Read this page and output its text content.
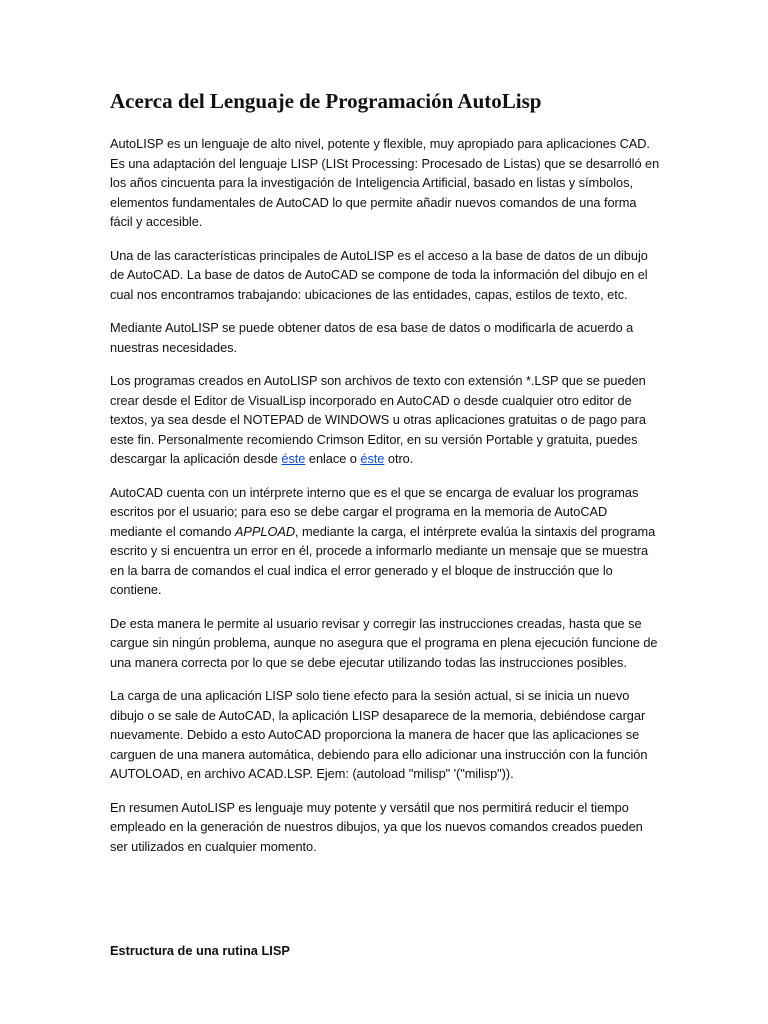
Acerca del Lenguaje de Programación AutoLisp

AutoLISP es un lenguaje de alto nivel, potente y flexible, muy apropiado para aplicaciones CAD. Es una adaptación del lenguaje LISP (LISt Processing: Procesado de Listas) que se desarrolló en los años cincuenta para la investigación de Inteligencia Artificial, basado en listas y símbolos, elementos fundamentales de AutoCAD lo que permite añadir nuevos comandos de una forma fácil y accesible.

Una de las características principales de AutoLISP es el acceso a la base de datos de un dibujo de AutoCAD. La base de datos de AutoCAD se compone de toda la información del dibujo en el cual nos encontramos trabajando: ubicaciones de las entidades, capas, estilos de texto, etc.

Mediante AutoLISP se puede obtener datos de esa base de datos o modificarla de acuerdo a nuestras necesidades.

Los programas creados en AutoLISP son archivos de texto con extensión *.LSP que se pueden crear desde el Editor de VisualLisp incorporado en AutoCAD o desde cualquier otro editor de textos, ya sea desde el NOTEPAD de WINDOWS u otras aplicaciones gratuitas o de pago para este fin. Personalmente recomiendo Crimson Editor, en su versión Portable y gratuita, puedes descargar la aplicación desde éste enlace o éste otro.

AutoCAD cuenta con un intérprete interno que es el que se encarga de evaluar los programas escritos por el usuario; para eso se debe cargar el programa en la memoria de AutoCAD mediante el comando APPLOAD, mediante la carga, el intérprete evalúa la sintaxis del programa escrito y si encuentra un error en él, procede a informarlo mediante un mensaje que se muestra en la barra de comandos el cual indica el error generado y el bloque de instrucción que lo contiene.

De esta manera le permite al usuario revisar y corregir las instrucciones creadas, hasta que se cargue sin ningún problema, aunque no asegura que el programa en plena ejecución funcione de una manera correcta por lo que se debe ejecutar utilizando todas las instrucciones posibles.

La carga de una aplicación LISP solo tiene efecto para la sesión actual, si se inicia un nuevo dibujo o se sale de AutoCAD, la aplicación LISP desaparece de la memoria, debiéndose cargar nuevamente. Debido a esto AutoCAD proporciona la manera de hacer que las aplicaciones se carguen de una manera automática, debiendo para ello adicionar una instrucción con la función AUTOLOAD, en archivo ACAD.LSP. Ejem: (autoload "milisp" '("milisp")).

En resumen AutoLISP es lenguaje muy potente y versátil que nos permitirá reducir el tiempo empleado en la generación de nuestros dibujos, ya que los nuevos comandos creados pueden ser utilizados en cualquier momento.

Estructura de una rutina LISP
